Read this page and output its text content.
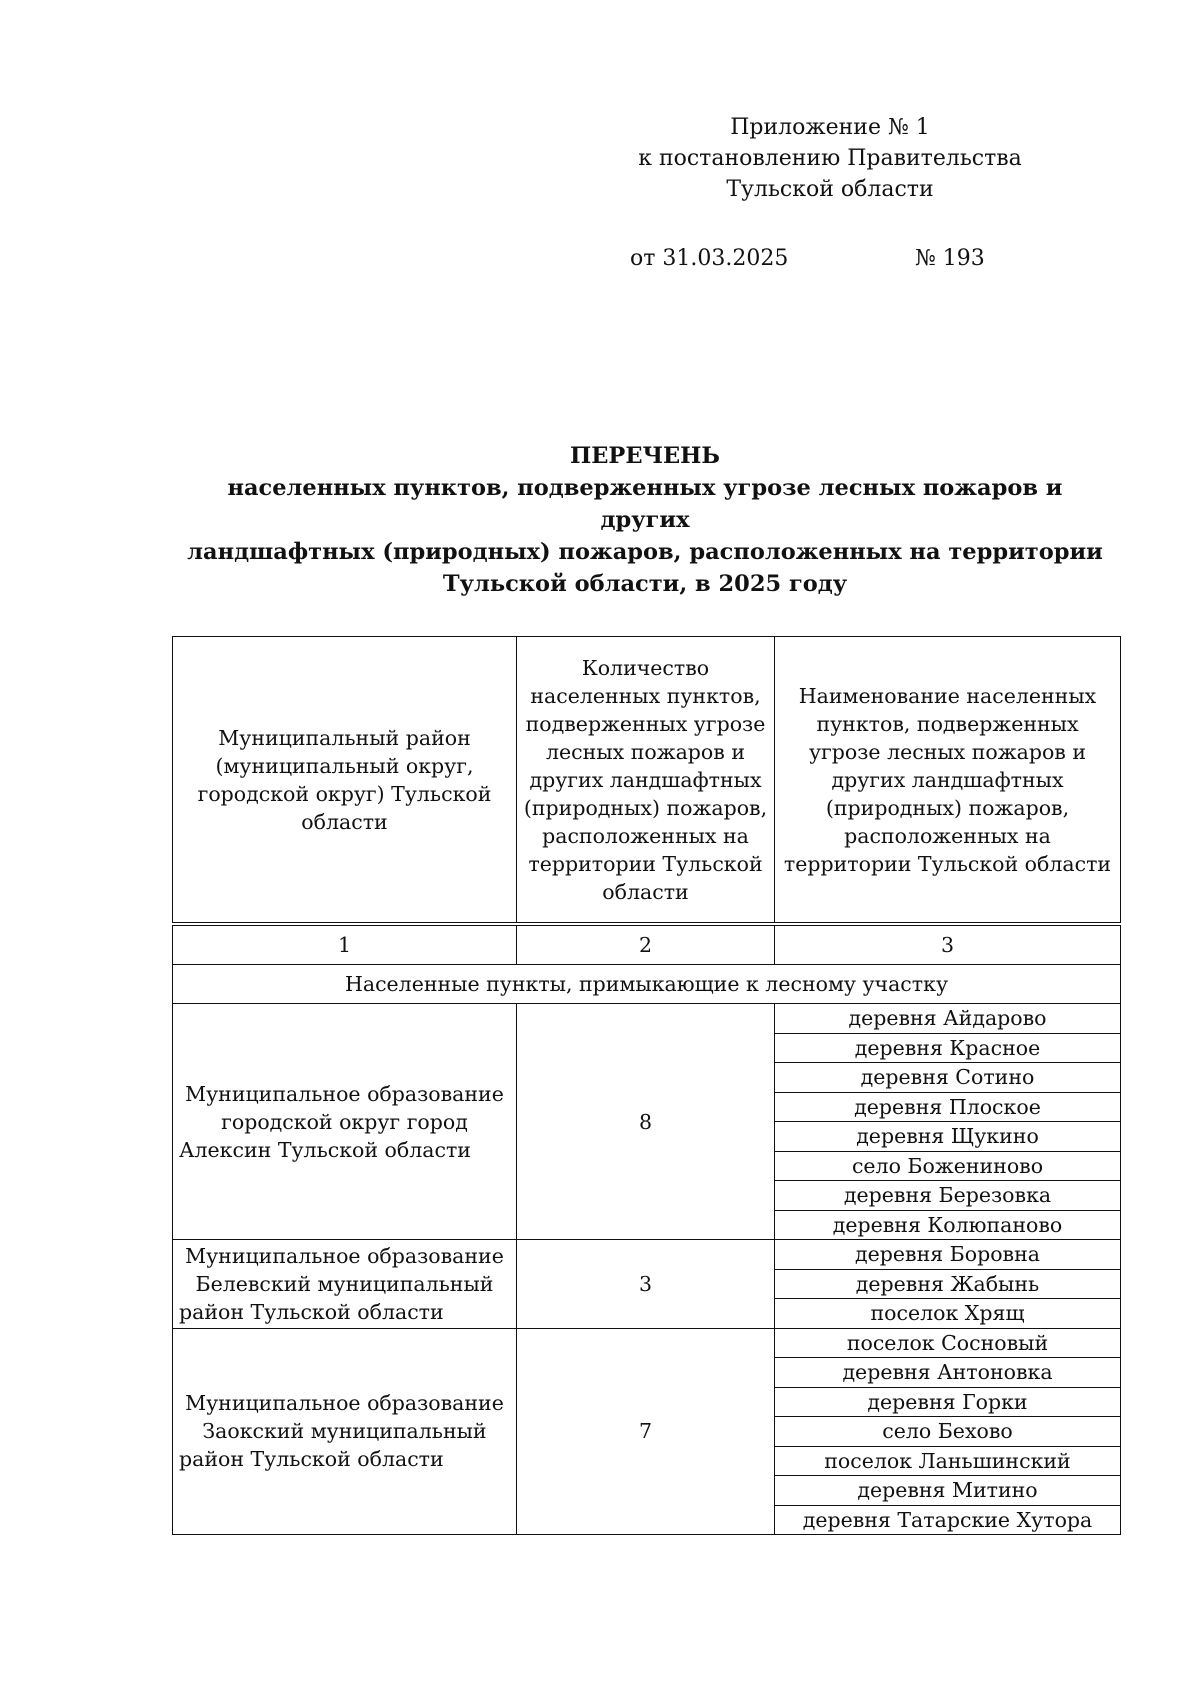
Приложение № 1
к постановлению Правительства
Тульской области
от 31.03.2025	№ 193
ПЕРЕЧЕНЬ
населенных пунктов, подверженных угрозе лесных пожаров и других
ландшафтных (природных) пожаров, расположенных на территории
Тульской области, в 2025 году
Муниципальный район (муниципальный округ, городской округ) Тульской области	Количество населенных пунктов, подверженных угрозе лесных пожаров и других ландшафтных (природных) пожаров, расположенных на территории Тульской области	Наименование населенных пунктов, подверженных угрозе лесных пожаров и других ландшафтных (природных) пожаров, расположенных на территории Тульской области

1	2	3
Населенные пункты, примыкающие к лесному участку		
Муниципальное образование городской округ город Алексин Тульской области	8	деревня Айдарово
		деревня Красное
		деревня Сотино
		деревня Плоское
		деревня Щукино
		село Божениново
		деревня Березовка
		деревня Колюпаново
Муниципальное образование Белевский муниципальный район Тульской области	3	деревня Боровна
		деревня Жабынь
		поселок Хрящ
Муниципальное образование Заокский муниципальный район Тульской области	7	поселок Сосновый
		деревня Антоновка
		деревня Горки
		село Бехово
		поселок Ланьшинский
		деревня Митино
		деревня Татарские Хутора
